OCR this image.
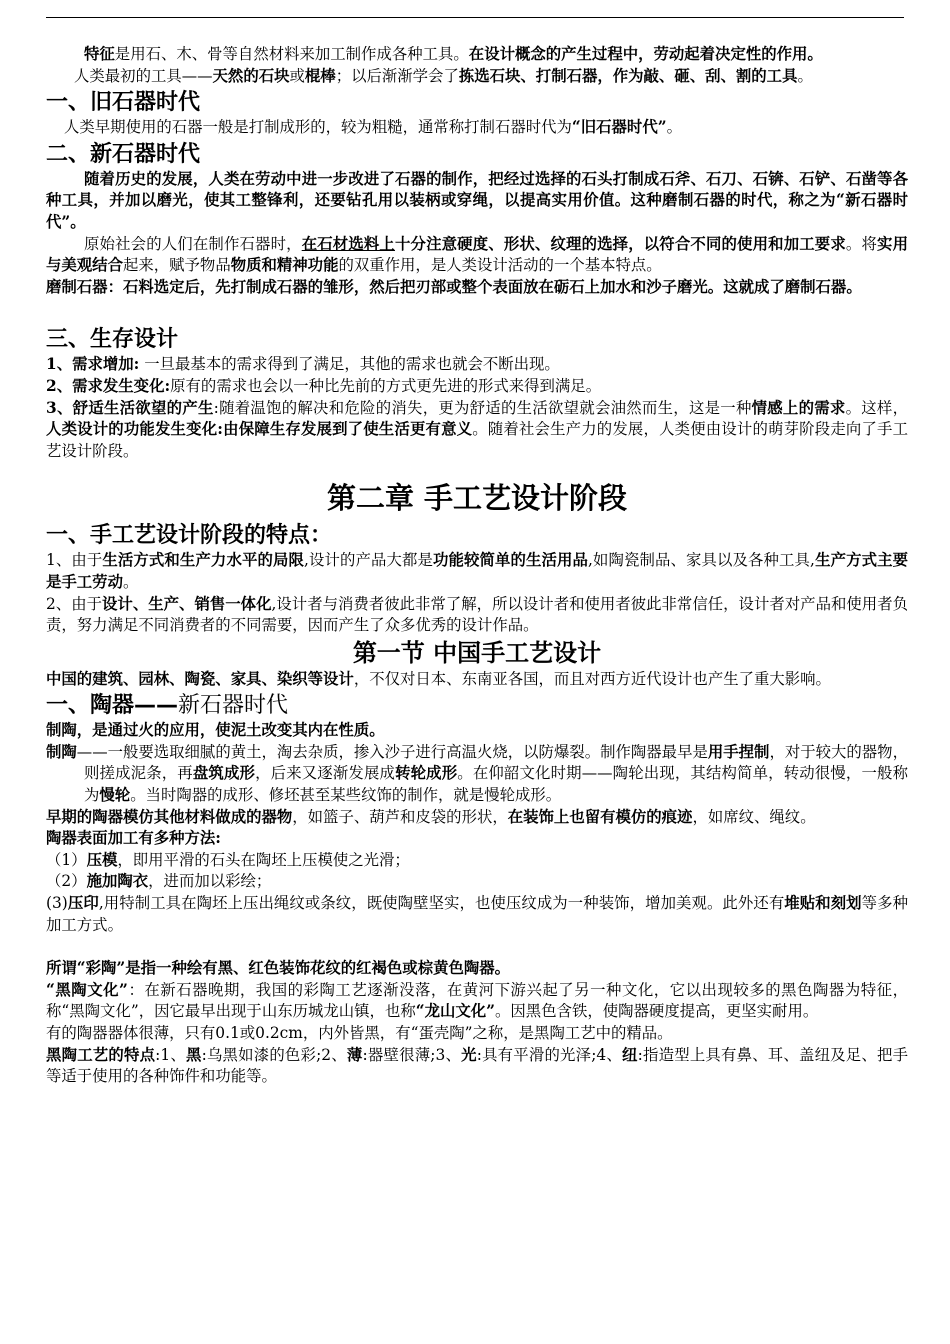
特征是用石、木、骨等自然材料来加工制作成各种工具。在设计概念的产生过程中，劳动起着决定性的作用。

人类最初的工具——天然的石块或棍棒；以后渐渐学会了拣选石块、打制石器，作为敲、砸、刮、割的工具。

一、旧石器时代

人类早期使用的石器一般是打制成形的，较为粗糙，通常称打制石器时代为“旧石器时代”。

二、新石器时代

随着历史的发展，人类在劳动中进一步改进了石器的制作，把经过选择的石头打制成石斧、石刀、石锛、石铲、石凿等各种工具，并加以磨光，使其工整锋利，还要钻孔用以装柄或穿绳，以提高实用价值。这种磨制石器的时代，称之为“新石器时代”。

原始社会的人们在制作石器时，在石材选料上十分注意硬度、形状、纹理的选择，以符合不同的使用和加工要求。将实用与美观结合起来，赋予物品物质和精神功能的双重作用，是人类设计活动的一个基本特点。

磨制石器：石料选定后，先打制成石器的雏形，然后把刃部或整个表面放在砺石上加水和沙子磨光。这就成了磨制石器。

三、生存设计

1、需求增加: 一旦最基本的需求得到了满足，其他的需求也就会不断出现。

2、需求发生变化:原有的需求也会以一种比先前的方式更先进的形式来得到满足。

3、舒适生活欲望的产生:随着温饱的解决和危险的消失，更为舒适的生活欲望就会油然而生，这是一种情感上的需求。这样，人类设计的功能发生变化:由保障生存发展到了使生活更有意义。随着社会生产力的发展，人类便由设计的萌芽阶段走向了手工艺设计阶段。

第二章 手工艺设计阶段
一、手工艺设计阶段的特点：

1、由于生活方式和生产力水平的局限,设计的产品大都是功能较简单的生活用品,如陶瓷制品、家具以及各种工具,生产方式主要是手工劳动。

2、由于设计、生产、销售一体化,设计者与消费者彼此非常了解，所以设计者和使用者彼此非常信任，设计者对产品和使用者负责，努力满足不同消费者的不同需要，因而产生了众多优秀的设计作品。

第一节 中国手工艺设计

中国的建筑、园林、陶瓷、家具、染织等设计，不仅对日本、东南亚各国，而且对西方近代设计也产生了重大影响。

一、陶器——新石器时代

制陶，是通过火的应用，使泥土改变其内在性质。

制陶——一般要选取细腻的黄土，淘去杂质，掺入沙子进行高温火烧，以防爆裂。制作陶器最早是用手捏制，对于较大的器物，则搓成泥条，再盘筑成形，后来又逐渐发展成转轮成形。在仰韶文化时期——陶轮出现，其结构简单，转动很慢，一般称为慢轮。当时陶器的成形、修坯甚至某些纹饰的制作，就是慢轮成形。

早期的陶器模仿其他材料做成的器物，如篮子、葫芦和皮袋的形状，在装饰上也留有模仿的痕迹，如席纹、绳纹。

陶器表面加工有多种方法:

（1）压模，即用平滑的石头在陶坯上压模使之光滑；

（2）施加陶衣，进而加以彩绘；

(3)压印,用特制工具在陶坯上压出绳纹或条纹，既使陶壁坚实，也使压纹成为一种装饰，增加美观。此外还有堆贴和刻划等多种加工方式。

所谓“彩陶”是指一种绘有黑、红色装饰花纹的红褐色或棕黄色陶器。

“黑陶文化”：在新石器晚期，我国的彩陶工艺逐渐没落，在黄河下游兴起了另一种文化，它以出现较多的黑色陶器为特征，称“黑陶文化”，因它最早出现于山东历城龙山镇，也称“龙山文化”。因黑色含铁，使陶器硬度提高，更坚实耐用。

有的陶器器体很薄，只有0.1或0.2cm，内外皆黑，有“蛋壳陶”之称，是黑陶工艺中的精品。

黑陶工艺的特点:1、黑:乌黑如漆的色彩;2、薄:器壁很薄;3、光:具有平滑的光泽;4、纽:指造型上具有鼻、耳、盖纽及足、把手等适于使用的各种饰件和功能等。
